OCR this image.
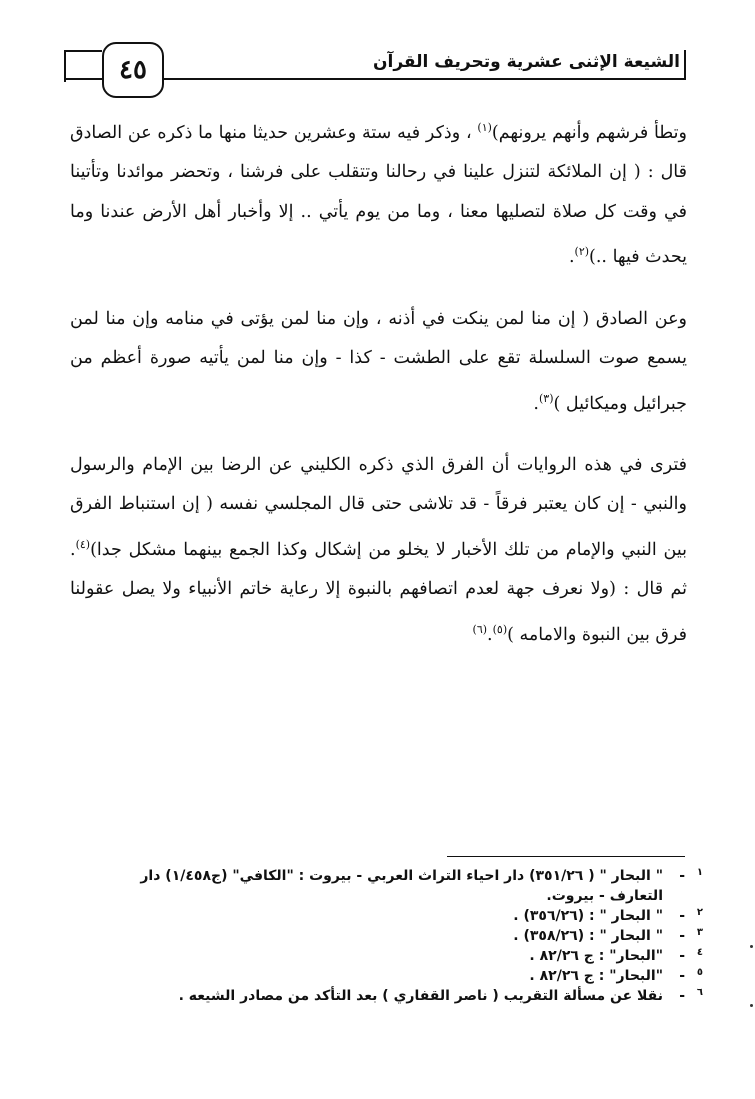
٤٥	الشيعة الإثنى عشرية وتحريف القرآن

وتطأ فرشهم وأنهم يرونهم)$^{(١)}$ ، وذكر فيه ستة وعشرين حديثا منها ما ذكره عن الصادق قال : ( إن الملائكة لتنزل علينا في رحالنا وتتقلب على فرشنا ، وتحضر موائدنا وتأتينا في وقت كل صلاة لتصليها معنا ، وما من يوم يأتي .. إلا وأخبار أهل الأرض عندنا وما يحدث فيها ..)$^{(٢)}$.

وعن الصادق ( إن منا لمن ينكت في أذنه ، وإن منا لمن يؤتى في منامه وإن منا لمن يسمع صوت السلسلة تقع على الطشت - كذا - وإن منا لمن يأتيه صورة أعظم من جبرائيل وميكائيل )$^{(٣)}$.

فترى في هذه الروايات أن الفرق الذي ذكره الكليني عن الرضا بين الإمام والرسول والنبي - إن كان يعتبر فرقاً - قد تلاشى حتى قال المجلسي نفسه ( إن استنباط الفرق بين النبي والإمام من تلك الأخبار لا يخلو من إشكال وكذا الجمع بينهما مشكل جدا)$^{(٤)}$. ثم قال : (ولا نعرف جهة لعدم اتصافهم بالنبوة إلا رعاية خاتم الأنبياء ولا يصل عقولنا فرق بين النبوة والامامه )$^{(٥)}$.$^{(٦)}$

١
-
" البحار " ( ٣٥١/٢٦) دار احياء التراث العربي - بيروت : "الكافي" (ج١/٤٥٨) دار التعارف - بيروت.
٢
-
" البحار " : (٣٥٦/٢٦) .
٣
-
" البحار " : (٣٥٨/٢٦) .
٤
-
"البحار" : ج ٨٢/٢٦ .
٥
-
"البحار" : ج ٨٢/٢٦ .
٦
-
نقلا عن مسألة التقريب ( ناصر القفاري ) بعد التأكد من مصادر الشيعه .
